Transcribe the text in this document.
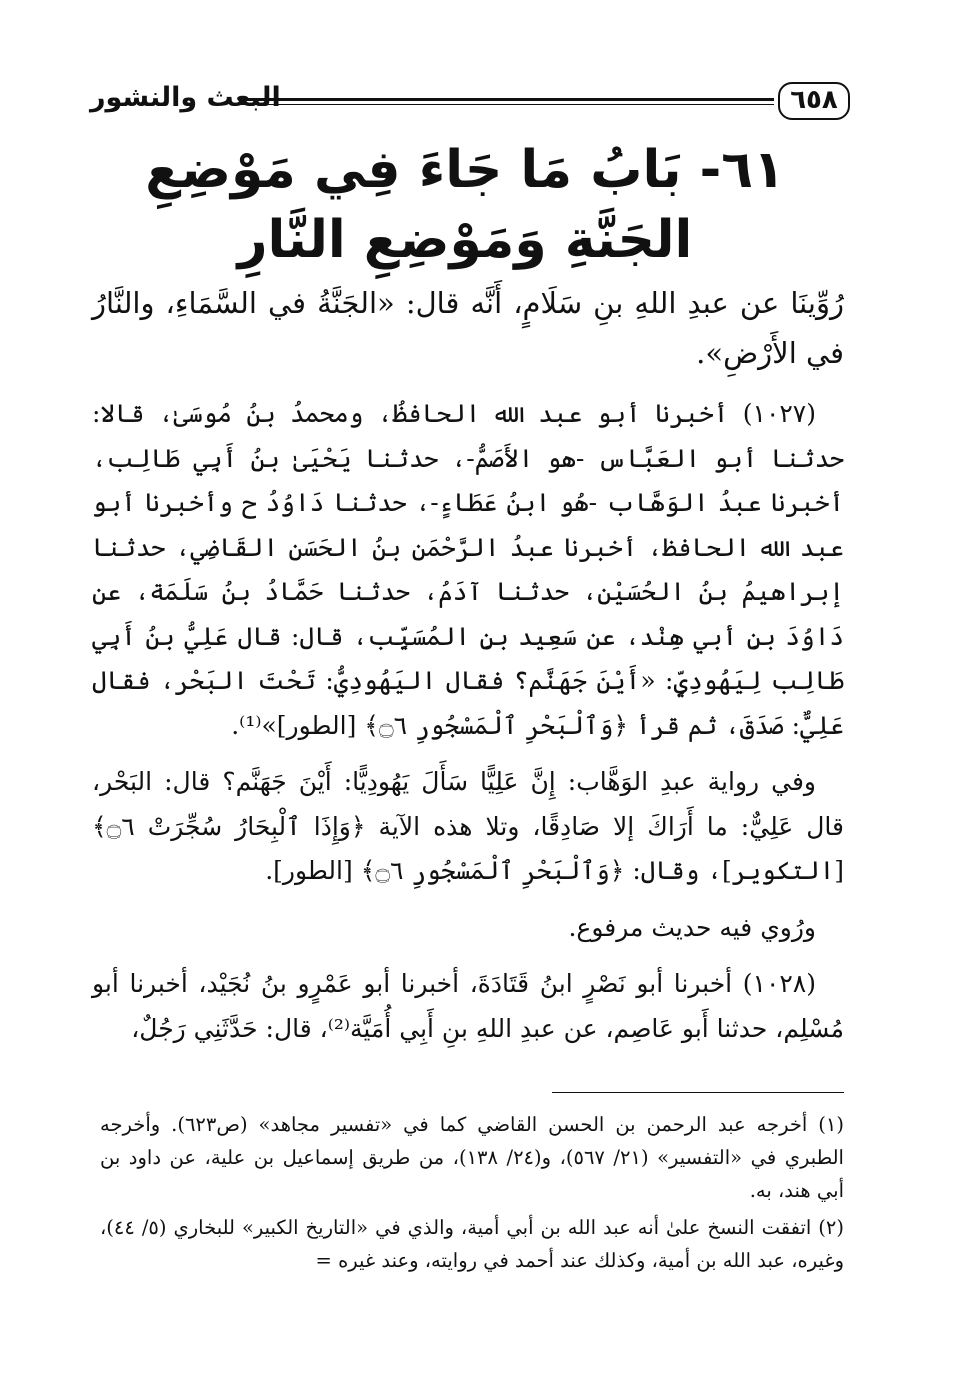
البعث والنشور	٦٥٨
٦١- بَابُ مَا جَاءَ فِي مَوْضِعِ الجَنَّةِ وَمَوْضِعِ النَّارِ

رُوِّينَا عن عبدِ اللهِ بنِ سَلَامٍ، أَنَّه قال: «الجَنَّةُ في السَّمَاءِ، والنَّارُ في الأَرْضِ».

(١٠٢٧) أخبرنا أبو عبد الله الحافظُ، ومحمدُ بنُ مُوسَىٰ، قالا: حدثنا أبو العَبَّاس -هو الأَصَمُّ-، حدثنا يَحْيَىٰ بنُ أَبِي طَالِب، أخبرنا عبدُ الوَهَّاب -هُو ابنُ عَطَاءٍ-، حدثنا دَاوُدُ ح وأخبرنا أبو عبد الله الحافظ، أخبرنا عبدُ الرَّحْمَن بنُ الحَسَن القَاضِي، حدثنا إبراهيمُ بنُ الحُسَيْن، حدثنا آدَمُ، حدثنا حَمَّادُ بنُ سَلَمَة، عن دَاوُدَ بنِ أبي هِنْد، عن سَعِيد بنِ المُسَيِّب، قال: قال عَلِيُّ بنُ أَبِي طَالِب لِيَهُودِيٍّ: «أَيْنَ جَهَنَّم؟ فقال اليَهُودِيُّ: تَحْتَ البَحْر، فقال عَلِيٌّ: صَدَقَ، ثم قرأ ﴿وَٱلْبَحْرِ ٱلْمَسْجُورِ ۝٦﴾ [الطور]»⁽¹⁾.

وفي رواية عبدِ الوَهَّاب: إِنَّ عَلِيًّا سَأَلَ يَهُودِيًّا: أَيْنَ جَهَنَّم؟ قال: البَحْر، قال عَلِيٌّ: ما أَرَاكَ إلا صَادِقًا، وتلا هذه الآية ﴿وَإِذَا ٱلْبِحَارُ سُجِّرَتْ ۝٦﴾ [التكوير]، وقال: ﴿وَٱلْبَحْرِ ٱلْمَسْجُورِ ۝٦﴾ [الطور].

ورُوي فيه حديث مرفوع.

(١٠٢٨) أخبرنا أبو نَصْرٍ ابنُ قَتَادَةَ، أخبرنا أبو عَمْرٍو بنُ نُجَيْد، أخبرنا أبو مُسْلِم، حدثنا أَبو عَاصِم، عن عبدِ اللهِ بنِ أَبِي أُمَيَّة⁽²⁾، قال: حَدَّثَنِي رَجُلٌ،

(١) أخرجه عبد الرحمن بن الحسن القاضي كما في «تفسير مجاهد» (ص٦٢٣). وأخرجه الطبري في «التفسير» (٢١/ ٥٦٧)، و(٢٤/ ١٣٨)، من طريق إسماعيل بن علية، عن داود بن أبي هند، به.

(٢) اتفقت النسخ علىٰ أنه عبد الله بن أبي أمية، والذي في «التاريخ الكبير» للبخاري (٥/ ٤٤)، وغيره، عبد الله بن أمية، وكذلك عند أحمد في روايته، وعند غيره =
